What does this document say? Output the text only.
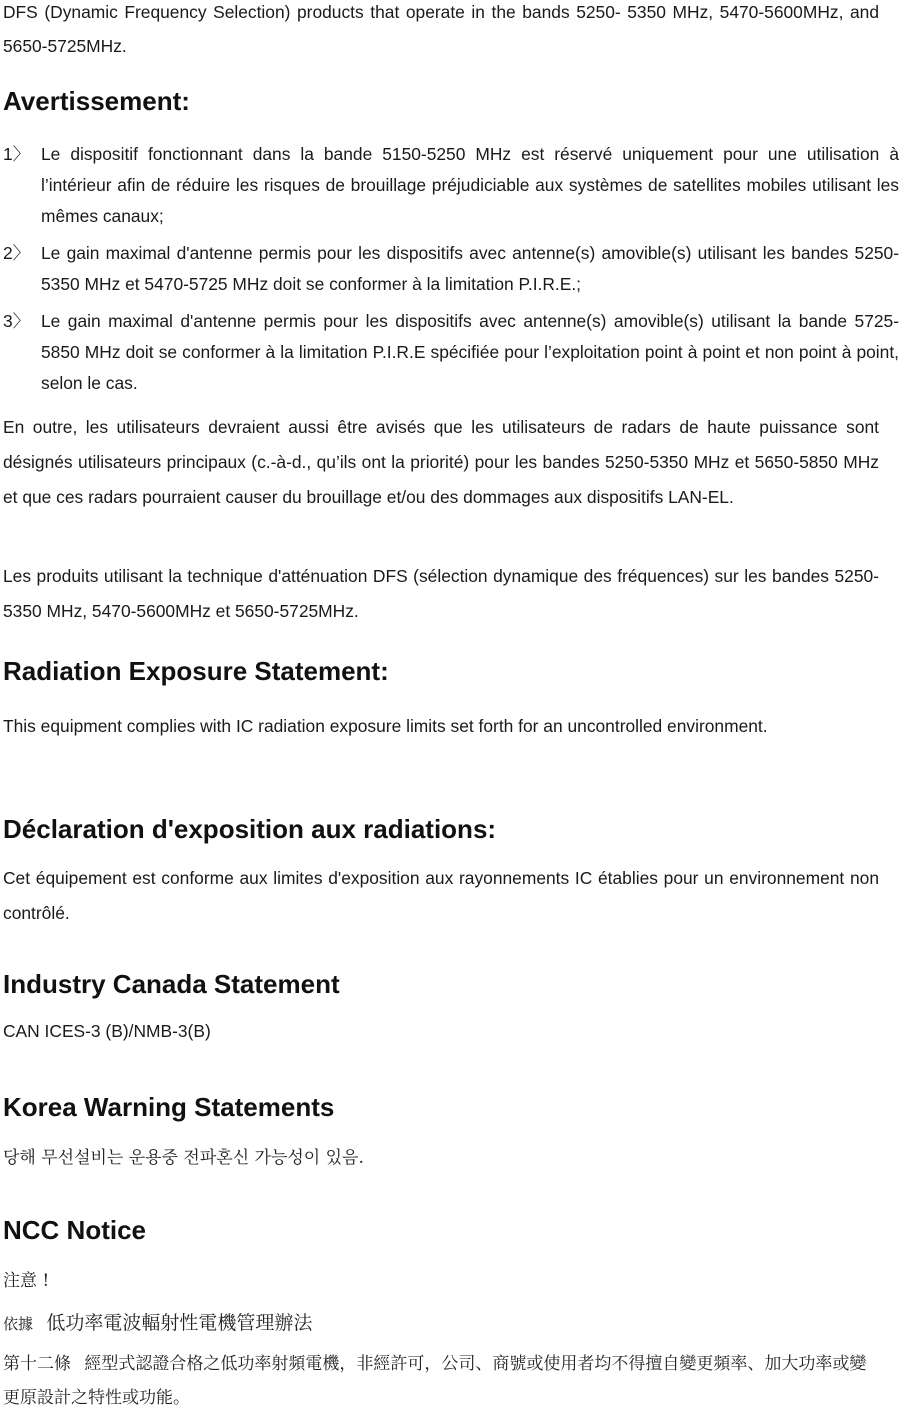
DFS (Dynamic Frequency Selection) products that operate in the bands 5250- 5350 MHz, 5470-5600MHz, and 5650-5725MHz.

Avertissement:
1〉 Le dispositif fonctionnant dans la bande 5150-5250 MHz est réservé uniquement pour une utilisation à l’intérieur afin de réduire les risques de brouillage préjudiciable aux systèmes de satellites mobiles utilisant les mêmes canaux;
2〉 Le gain maximal d'antenne permis pour les dispositifs avec antenne(s) amovible(s) utilisant les bandes 5250-5350 MHz et 5470-5725 MHz doit se conformer à la limitation P.I.R.E.;
3〉 Le gain maximal d'antenne permis pour les dispositifs avec antenne(s) amovible(s) utilisant la bande 5725-5850 MHz doit se conformer à la limitation P.I.R.E spécifiée pour l’exploitation point à point et non point à point, selon le cas.

En outre, les utilisateurs devraient aussi être avisés que les utilisateurs de radars de haute puissance sont désignés utilisateurs principaux (c.-à-d., qu’ils ont la priorité) pour les bandes 5250-5350 MHz et 5650-5850 MHz et que ces radars pourraient causer du brouillage et/ou des dommages aux dispositifs LAN-EL.

Les produits utilisant la technique d'atténuation DFS (sélection dynamique des fréquences) sur les bandes 5250- 5350 MHz, 5470-5600MHz et 5650-5725MHz.

Radiation Exposure Statement:

This equipment complies with IC radiation exposure limits set forth for an uncontrolled environment.

Déclaration d'exposition aux radiations:

Cet équipement est conforme aux limites d'exposition aux rayonnements IC établies pour un environnement non contrôlé.

Industry Canada Statement

CAN ICES-3 (B)/NMB-3(B)

Korea Warning Statements

당해 무선설비는 운용중 전파혼신 가능성이 있음.

NCC Notice

注意 !

依據 低功率電波輻射性電機管理辦法

第十二條 經型式認證合格之低功率射頻電機，非經許可，公司、商號或使用者均不得擅自變更頻率、加大功率或變更原設計之特性或功能。
